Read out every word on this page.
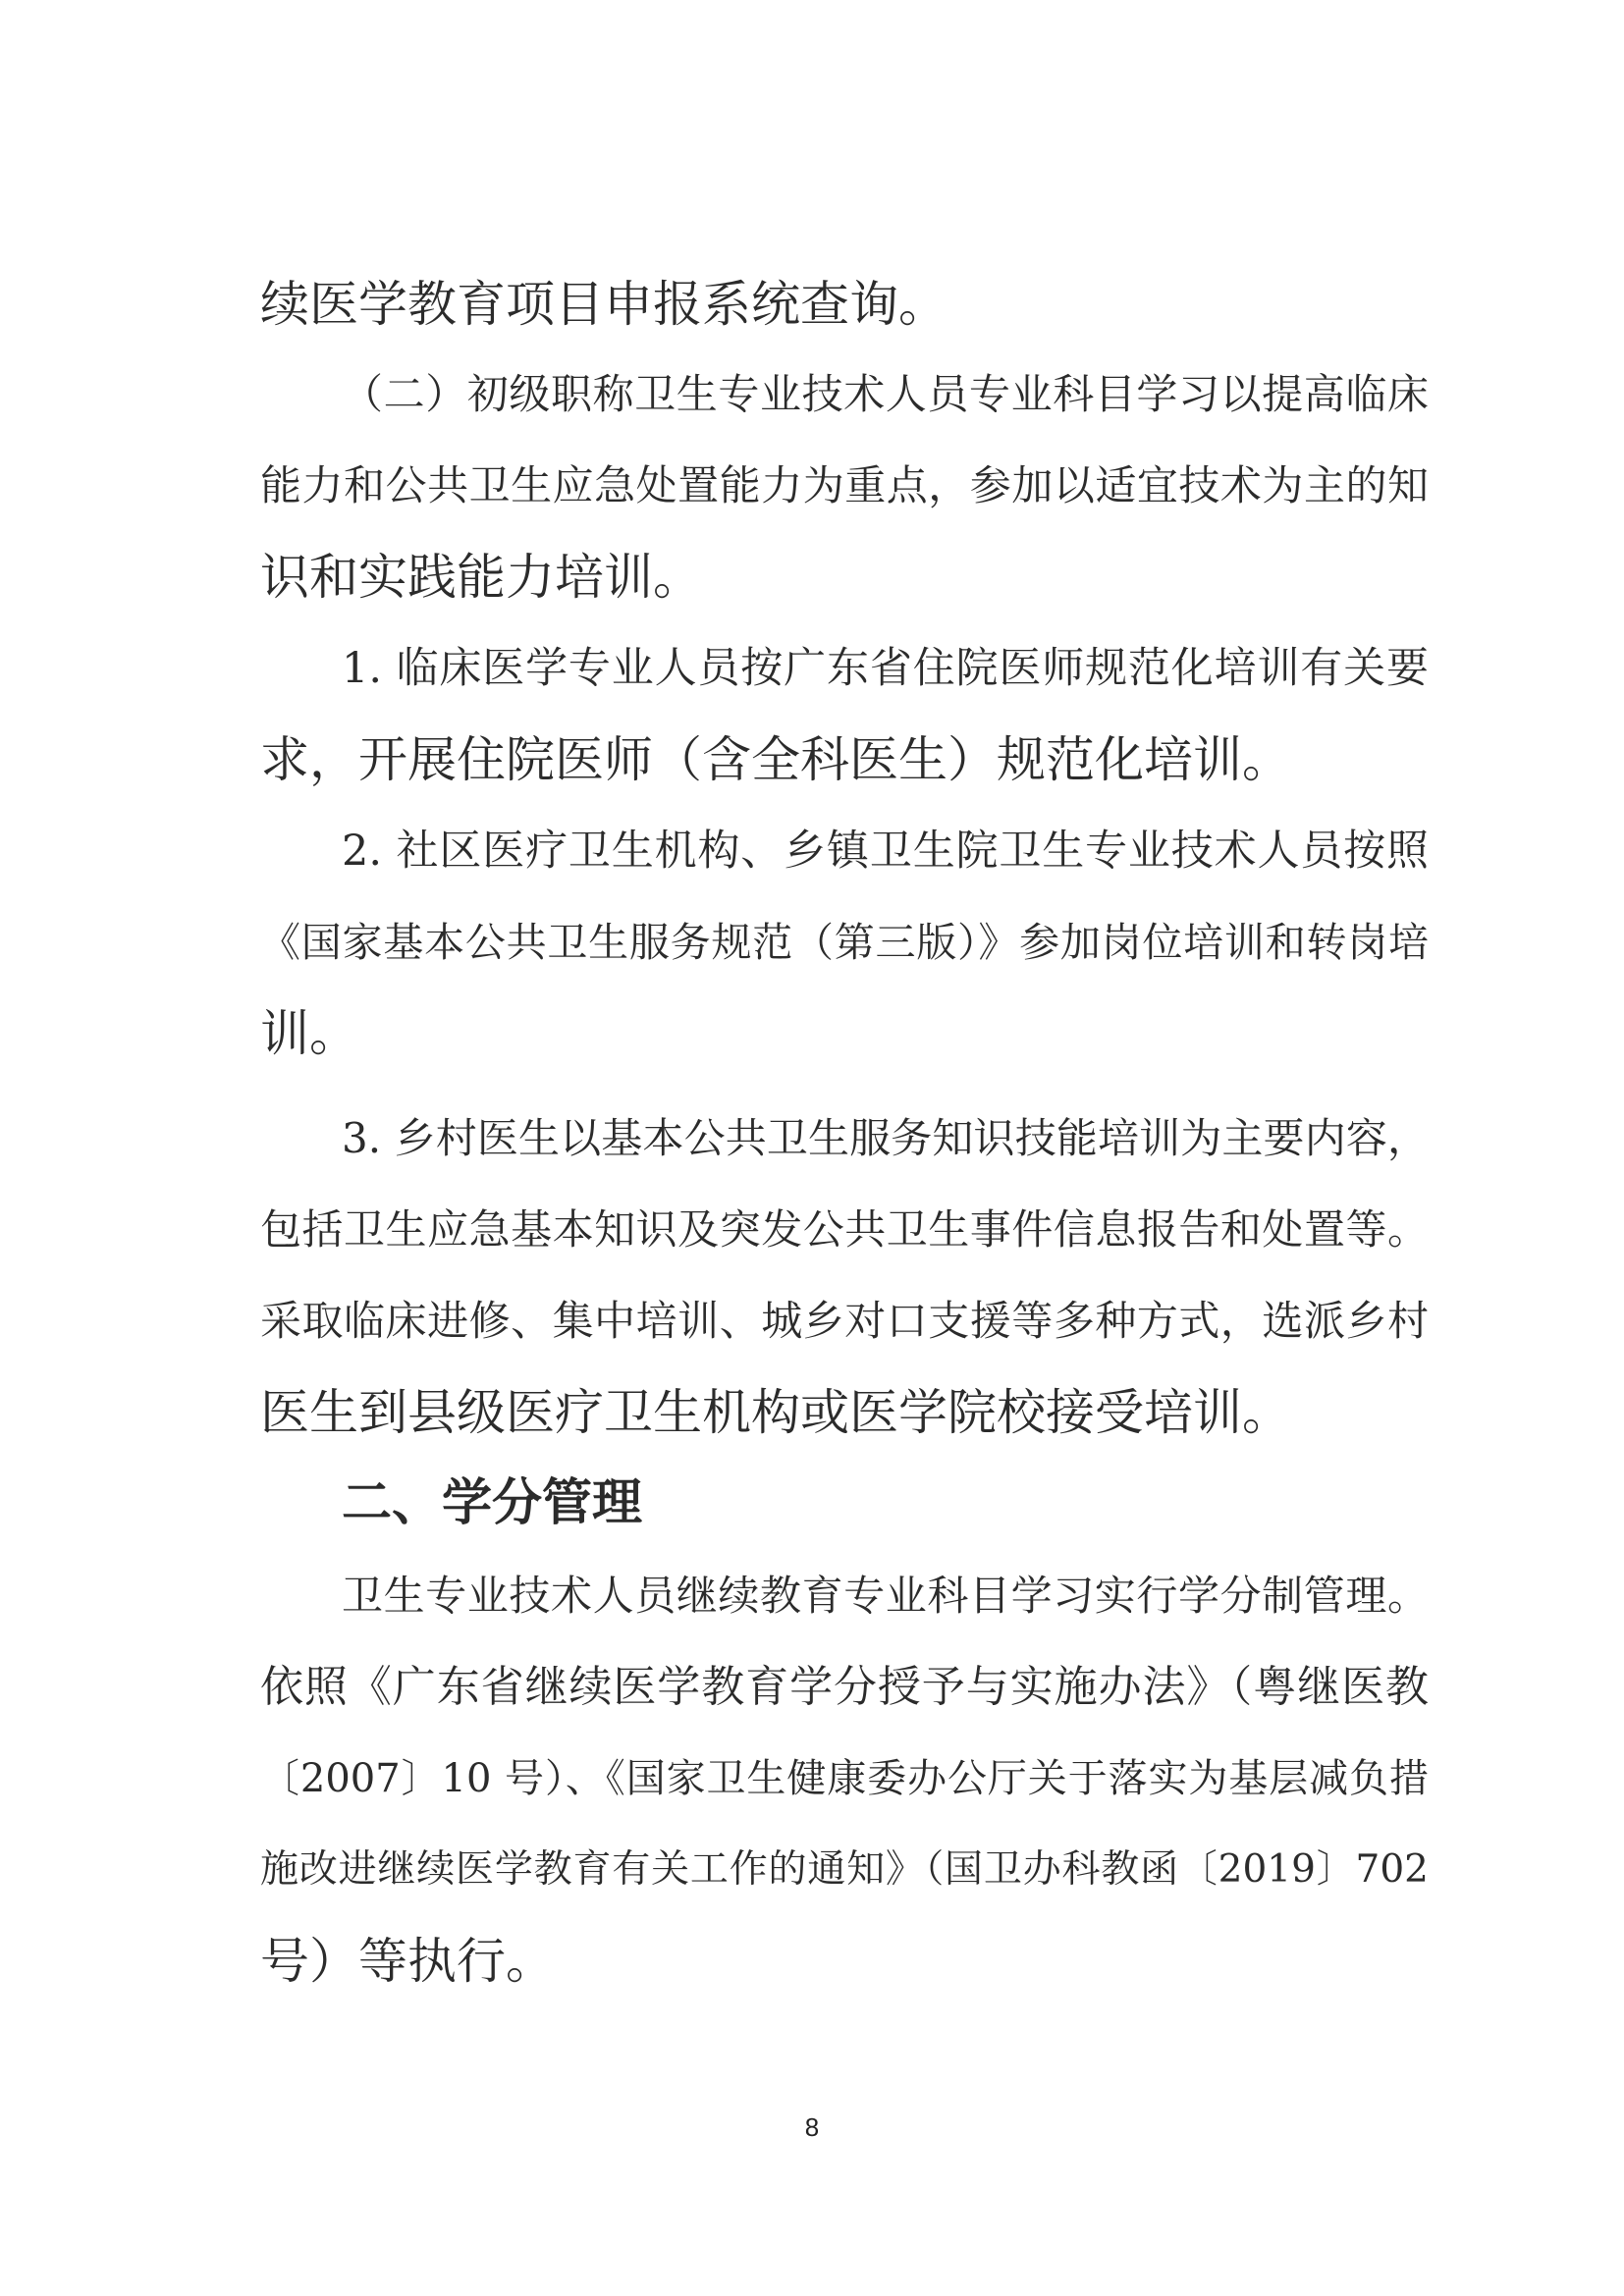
续医学教育项目申报系统查询。
（二）初级职称卫生专业技术人员专业科目学习以提高临床
能力和公共卫生应急处置能力为重点，参加以适宜技术为主的知
识和实践能力培训。
1. 临床医学专业人员按广东省住院医师规范化培训有关要
求，开展住院医师（含全科医生）规范化培训。
2. 社区医疗卫生机构、乡镇卫生院卫生专业技术人员按照
《国家基本公共卫生服务规范（第三版）》参加岗位培训和转岗培
训。
3. 乡村医生以基本公共卫生服务知识技能培训为主要内容，
包括卫生应急基本知识及突发公共卫生事件信息报告和处置等。
采取临床进修、集中培训、城乡对口支援等多种方式，选派乡村
医生到县级医疗卫生机构或医学院校接受培训。
二、学分管理
卫生专业技术人员继续教育专业科目学习实行学分制管理。
依照《广东省继续医学教育学分授予与实施办法》（粤继医教
〔2007〕10 号）、《国家卫生健康委办公厅关于落实为基层减负措
施改进继续医学教育有关工作的通知》（国卫办科教函〔2019〕702
号）等执行。
8
